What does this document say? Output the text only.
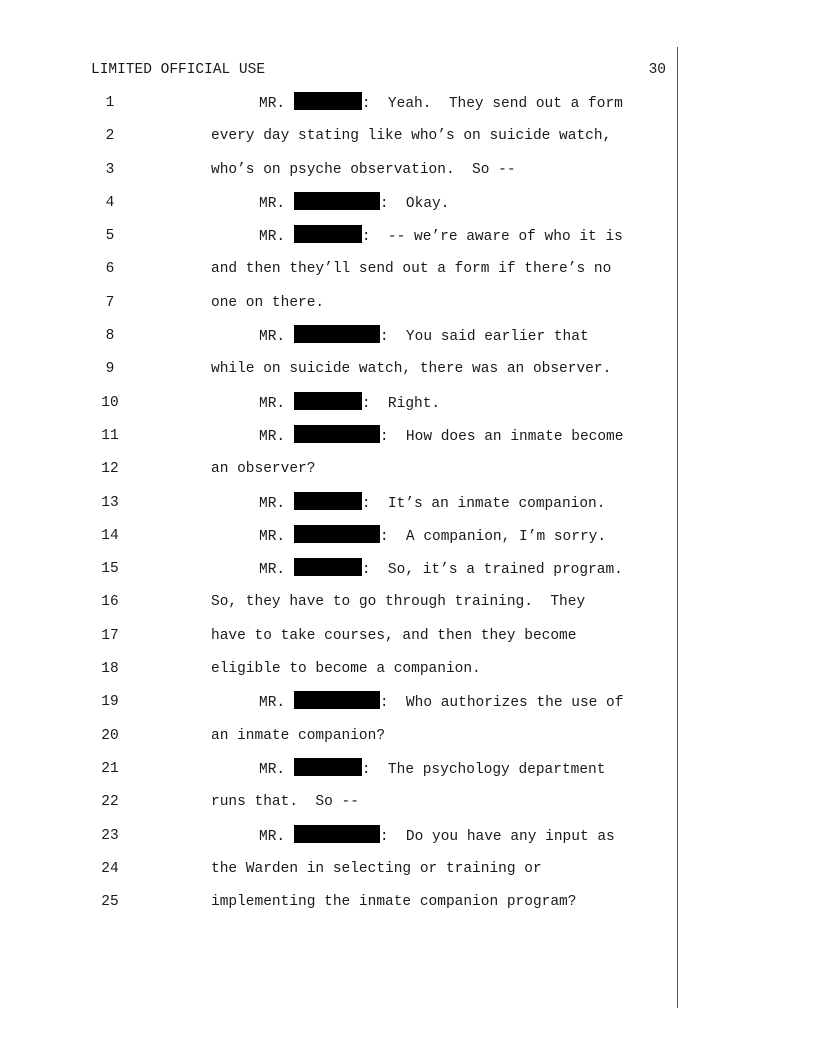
LIMITED OFFICIAL USE	30
1	MR.	:  Yeah.  They send out a form
2	every day stating like who’s on suicide watch,
3	who’s on psyche observation.  So --
4	MR.	:  Okay.
5	MR.	:  -- we’re aware of who it is
6	and then they’ll send out a form if there’s no
7	one on there.
8	MR.	:  You said earlier that
9	while on suicide watch, there was an observer.
10	MR.	:  Right.
11	MR.	:  How does an inmate become
12	an observer?
13	MR.	:  It’s an inmate companion.
14	MR.	:  A companion, I’m sorry.
15	MR.	:  So, it’s a trained program.
16	So, they have to go through training.  They
17	have to take courses, and then they become
18	eligible to become a companion.
19	MR.	:  Who authorizes the use of
20	an inmate companion?
21	MR.	:  The psychology department
22	runs that.  So --
23	MR.	:  Do you have any input as
24	the Warden in selecting or training or
25	implementing the inmate companion program?
